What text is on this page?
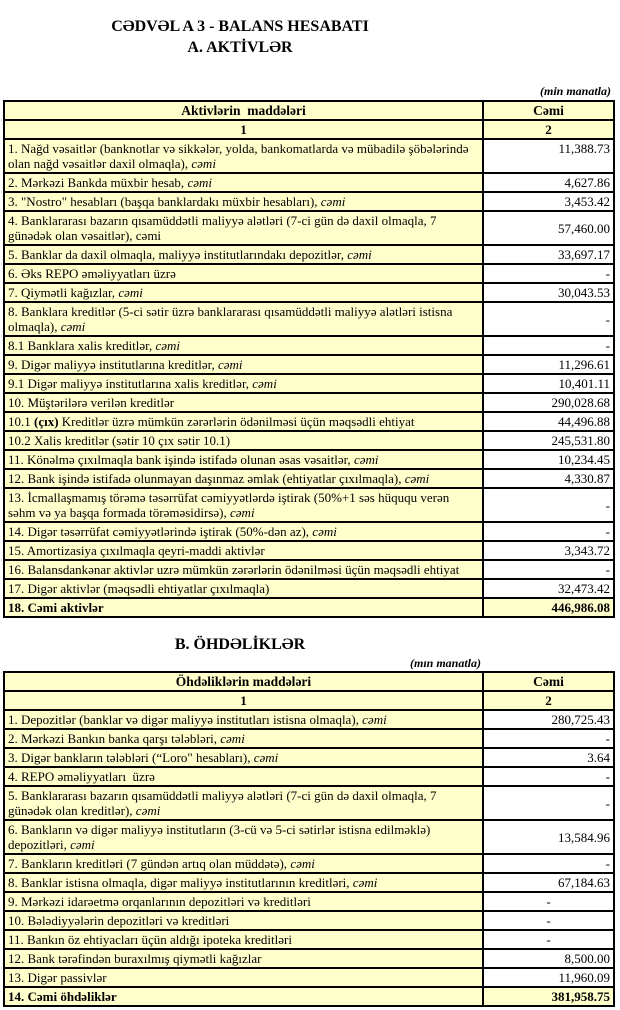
CƏDVƏL A 3 - BALANS HESABATI
A. AKTİVLƏR
(min manatla)
Aktivlərin  maddələri	Cəmi
1	2
1. Nağd vəsaitlər (banknotlar və sikkələr, yolda, bankomatlarda və mübadilə şöbələrində olan nağd vəsaitlər daxil olmaqla), cəmi	11,388.73
2. Mərkəzi Bankda müxbir hesab, cəmi	4,627.86
3. "Nostro" hesabları (başqa banklardakı müxbir hesabları), cəmi	3,453.42
4. Banklararası bazarın qısamüddətli maliyyə alətləri (7-ci gün də daxil olmaqla, 7 günədək olan vəsaitlər), cəmi	57,460.00
5. Banklar da daxil olmaqla, maliyyə institutlarındakı depozitlər, cəmi	33,697.17
6. Əks REPO əməliyyatları üzrə	-
7. Qiymətli kağızlar, cəmi	30,043.53
8. Banklara kreditlər (5-ci sətir üzrə banklararası qısamüddətli maliyyə alətləri istisna olmaqla), cəmi	-
8.1 Banklara xalis kreditlər, cəmi	-
9. Digər maliyyə institutlarına kreditlər, cəmi	11,296.61
9.1 Digər maliyyə institutlarına xalis kreditlər, cəmi	10,401.11
10. Müştərilərə verilən kreditlər	290,028.68
10.1 (çıx) Kreditlər üzrə mümkün zərərlərin ödənilməsi üçün məqsədli ehtiyat	44,496.88
10.2 Xalis kreditlər (sətir 10 çıx sətir 10.1)	245,531.80
11. Könəlmə çıxılmaqla bank işində istifadə olunan əsas vəsaitlər, cəmi	10,234.45
12. Bank işində istifadə olunmayan daşınmaz əmlak (ehtiyatlar çıxılmaqla), cəmi	4,330.87
13. İcmallaşmamış törəmə təsərrüfat cəmiyyətlərdə iştirak (50%+1 səs hüququ verən səhm və ya başqa formada törəməsidirsə), cəmi	-
14. Digər təsərrüfat cəmiyyətlərində iştirak (50%-dən az), cəmi	-
15. Amortizasiya çıxılmaqla qeyri-maddi aktivlər	3,343.72
16. Balansdankənar aktivlər uzrə mümkün zərərlərin ödənilməsi üçün məqsədli ehtiyat	-
17. Digər aktivlər (məqsədli ehtiyatlar çıxılmaqla)	32,473.42
18. Cəmi aktivlər	446,986.08
B. ÖHDƏLİKLƏR
(mın manatla)
Öhdəliklərin maddələri	Cəmi
1	2
1. Depozitlər (banklar və digər maliyyə institutları istisna olmaqla), cəmi	280,725.43
2. Mərkəzi Bankın banka qarşı tələbləri, cəmi	-
3. Digər bankların tələbləri (“Loro" hesabları), cəmi	3.64
4. REPO əməliyyatları  üzrə	-
5. Banklararası bazarın qısamüddətli maliyyə alətləri (7-ci gün də daxil olmaqla, 7 günədək olan kreditlər), cəmi	-
6. Bankların və digər maliyyə institutların (3-cü və 5-ci sətirlər istisna edilməklə) depozitləri, cəmi	13,584.96
7. Bankların kreditləri (7 gündən artıq olan müddətə), cəmi	-
8. Banklar istisna olmaqla, digər maliyyə institutlarının kreditləri, cəmi	67,184.63
9. Mərkəzi idarəetmə orqanlarının depozitləri və kreditləri	-
10. Bələdiyyələrin depozitləri və kreditləri	-
11. Bankın öz ehtiyacları üçün aldığı ipoteka kreditləri	-
12. Bank tərəfindən buraxılmış qiymətli kağızlar	8,500.00
13. Digər passivlər	11,960.09
14. Cəmi öhdəliklər	381,958.75
